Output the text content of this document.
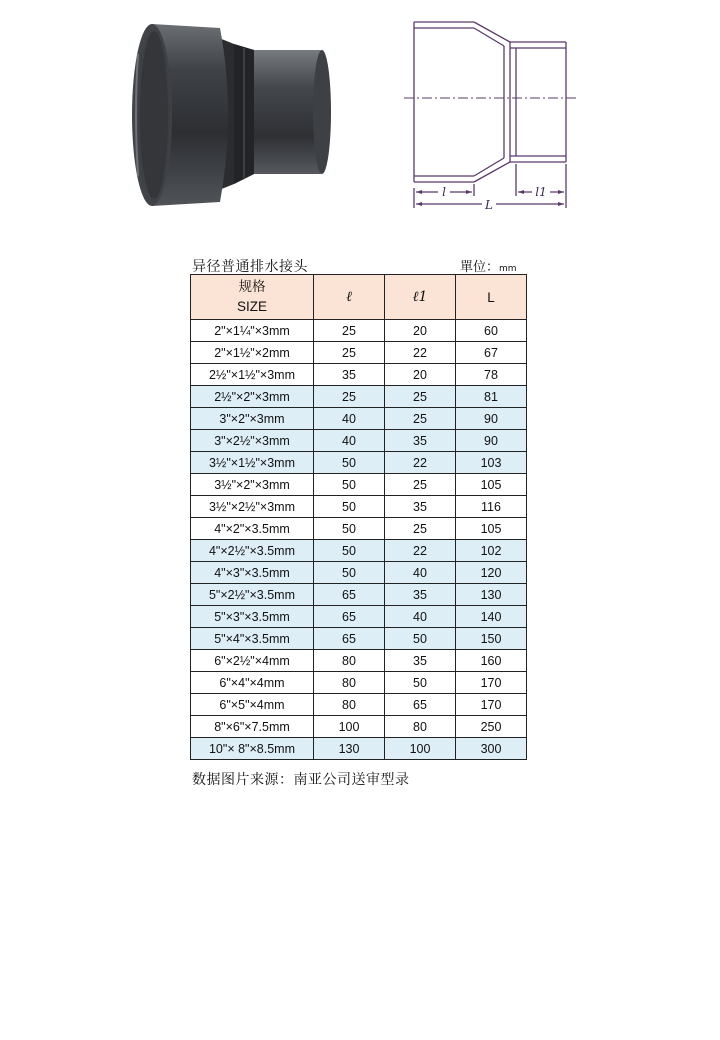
l	l1
L
异径普通排水接头	單位：mm
规格
SIZE	ℓ	ℓ1	L
2"×1¼"×3mm	25	20	60
2"×1½"×2mm	25	22	67
2½"×1½"×3mm	35	20	78
2½"×2"×3mm	25	25	81
3"×2"×3mm	40	25	90
3"×2½"×3mm	40	35	90
3½"×1½"×3mm	50	22	103
3½"×2"×3mm	50	25	105
3½"×2½"×3mm	50	35	116
4"×2"×3.5mm	50	25	105
4"×2½"×3.5mm	50	22	102
4"×3"×3.5mm	50	40	120
5"×2½"×3.5mm	65	35	130
5"×3"×3.5mm	65	40	140
5"×4"×3.5mm	65	50	150
6"×2½"×4mm	80	35	160
6"×4"×4mm	80	50	170
6"×5"×4mm	80	65	170
8"×6"×7.5mm	100	80	250
10"× 8"×8.5mm	130	100	300
数据图片来源：南亚公司送审型录
